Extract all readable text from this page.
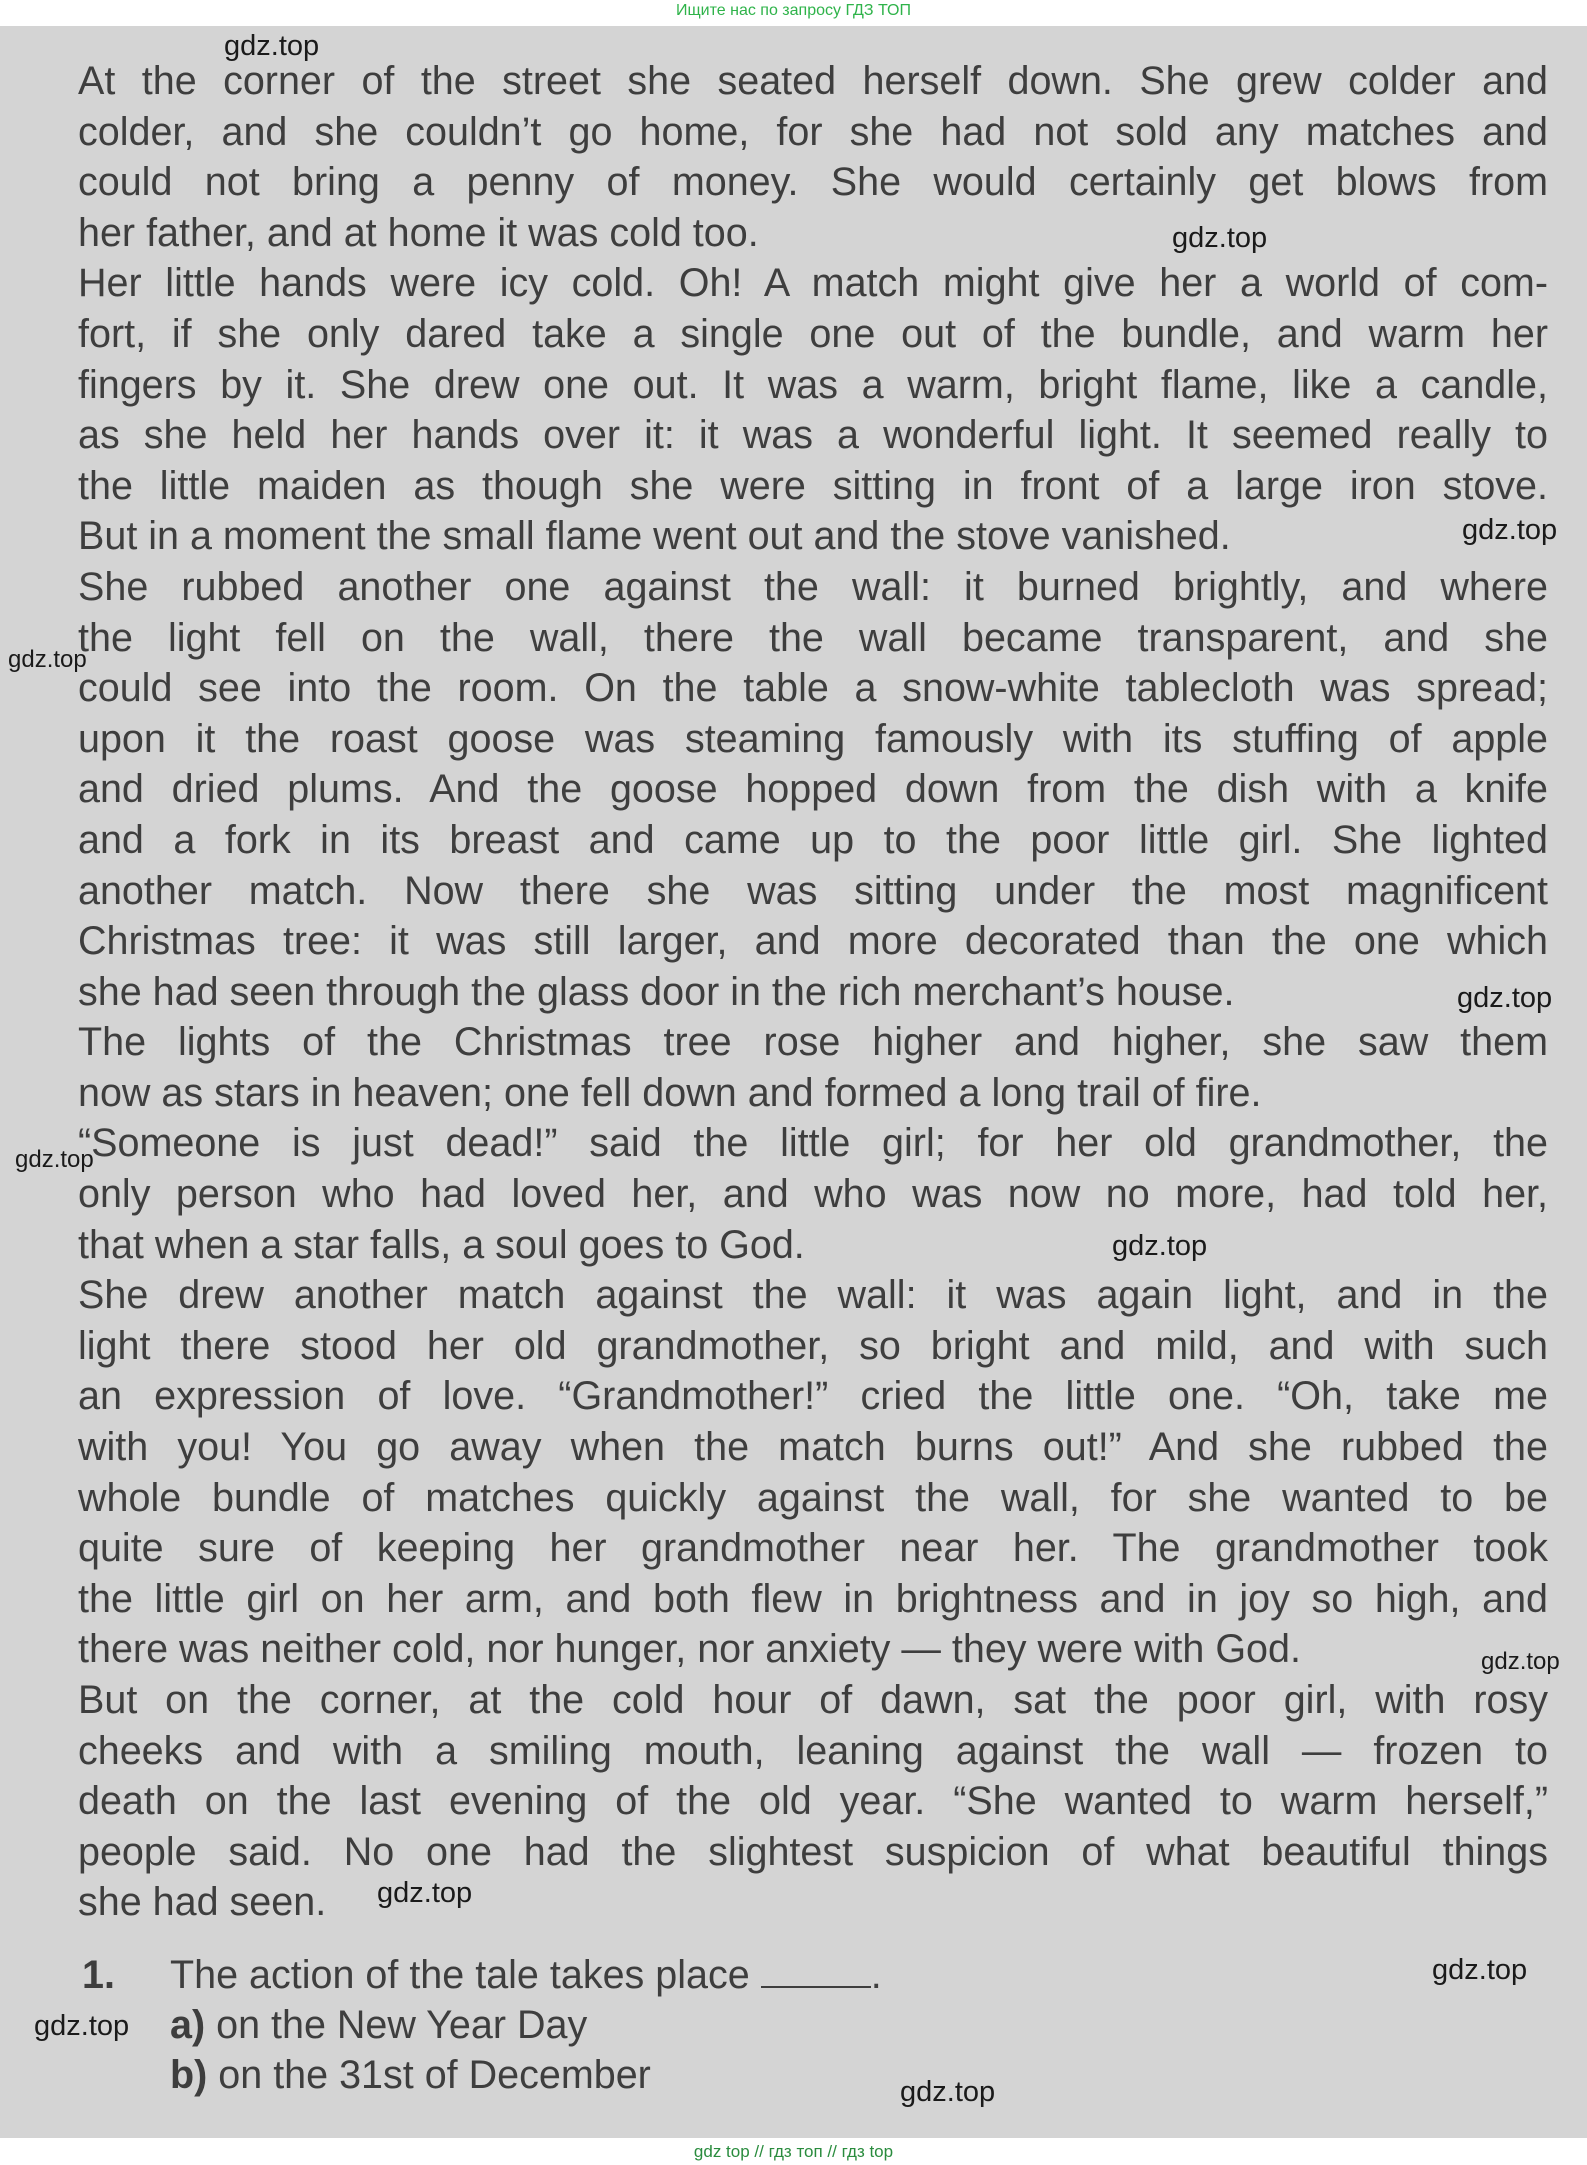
Ищите нас по запросу ГДЗ ТОП
At the corner of the street she seated herself down. She grew colder and
colder, and she couldn’t go home, for she had not sold any matches and
could not bring a penny of money. She would certainly get blows from
her father, and at home it was cold too.
Her little hands were icy cold. Oh! A match might give her a world of com-
fort, if she only dared take a single one out of the bundle, and warm her
fingers by it. She drew one out. It was a warm, bright flame, like a candle,
as she held her hands over it: it was a wonderful light. It seemed really to
the little maiden as though she were sitting in front of a large iron stove.
But in a moment the small flame went out and the stove vanished.
She rubbed another one against the wall: it burned brightly, and where
the light fell on the wall, there the wall became transparent, and she
could see into the room. On the table a snow-white tablecloth was spread;
upon it the roast goose was steaming famously with its stuffing of apple
and dried plums. And the goose hopped down from the dish with a knife
and a fork in its breast and came up to the poor little girl. She lighted
another match. Now there she was sitting under the most magnificent
Christmas tree: it was still larger, and more decorated than the one which
she had seen through the glass door in the rich merchant’s house.
The lights of the Christmas tree rose higher and higher, she saw them
now as stars in heaven; one fell down and formed a long trail of fire.
“Someone is just dead!” said the little girl; for her old grandmother, the
only person who had loved her, and who was now no more, had told her,
that when a star falls, a soul goes to God.
She drew another match against the wall: it was again light, and in the
light there stood her old grandmother, so bright and mild, and with such
an expression of love. “Grandmother!” cried the little one. “Oh, take me
with you! You go away when the match burns out!” And she rubbed the
whole bundle of matches quickly against the wall, for she wanted to be
quite sure of keeping her grandmother near her. The grandmother took
the little girl on her arm, and both flew in brightness and in joy so high, and
there was neither cold, nor hunger, nor anxiety — they were with God.
But on the corner, at the cold hour of dawn, sat the poor girl, with rosy
cheeks and with a smiling mouth, leaning against the wall — frozen to
death on the last evening of the old year. “She wanted to warm herself,”
people said. No one had the slightest suspicion of what beautiful things
she had seen.
1. The action of the tale takes place	.
a) on the New Year Day
b) on the 31st of December
gdz.top
gdz.top
gdz.top
gdz.top
gdz.top
gdz.top
gdz.top
gdz.top
gdz.top
gdz.top
gdz.top
gdz.top
gdz top // гдз топ // гдз top
